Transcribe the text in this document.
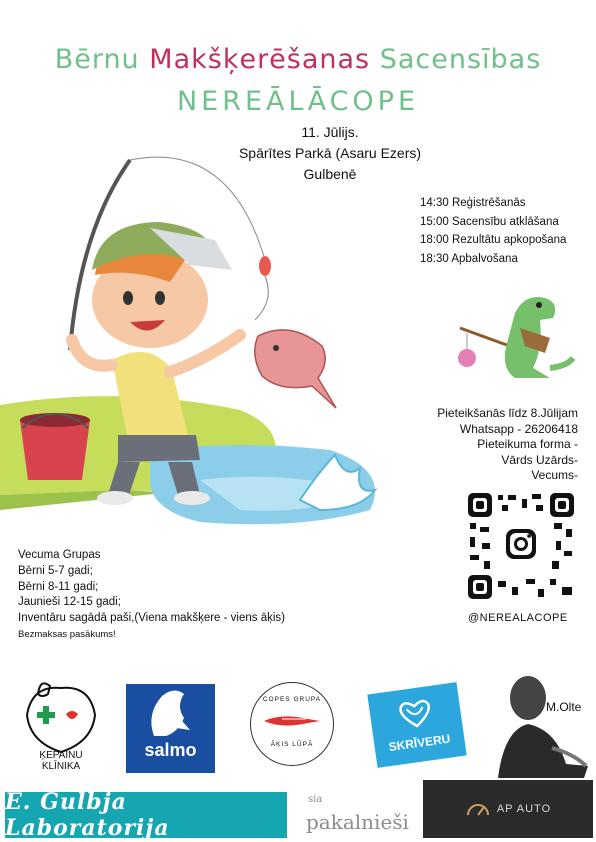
Bērnu Makšķerēšanas Sacensības
NEREĀLĀCOPE
11. Jūlijs.
Spārītes Parkā (Asaru Ezers)
Gulbenē
14:30 Reģistrēšanās
15:00 Sacensību atklāšana
18:00 Rezultātu apkopošana
18:30 Apbalvošana
Pieteikšanās līdz 8.Jūlijam
Whatsapp - 26206418
Pieteikuma forma -
Vārds Uzārds-
Vecums-
@NEREALACOPE
Vecuma Grupas
Bērni 5-7 gadi;
Bērni 8-11 gadi;
Jaunieši 12-15 gadi;
Inventāru sagādā paši,(Viena makšķere - viens āķis)
Bezmaksas pasākums!
ĶEPAINU
KLĪNIKA
salmo
COPES GRUPA
ĀĶIS LŪPĀ	SKRĪVERU
M.Olte
E. Gulbja Laboratorija
sia
pakalnieši
AP AUTO
